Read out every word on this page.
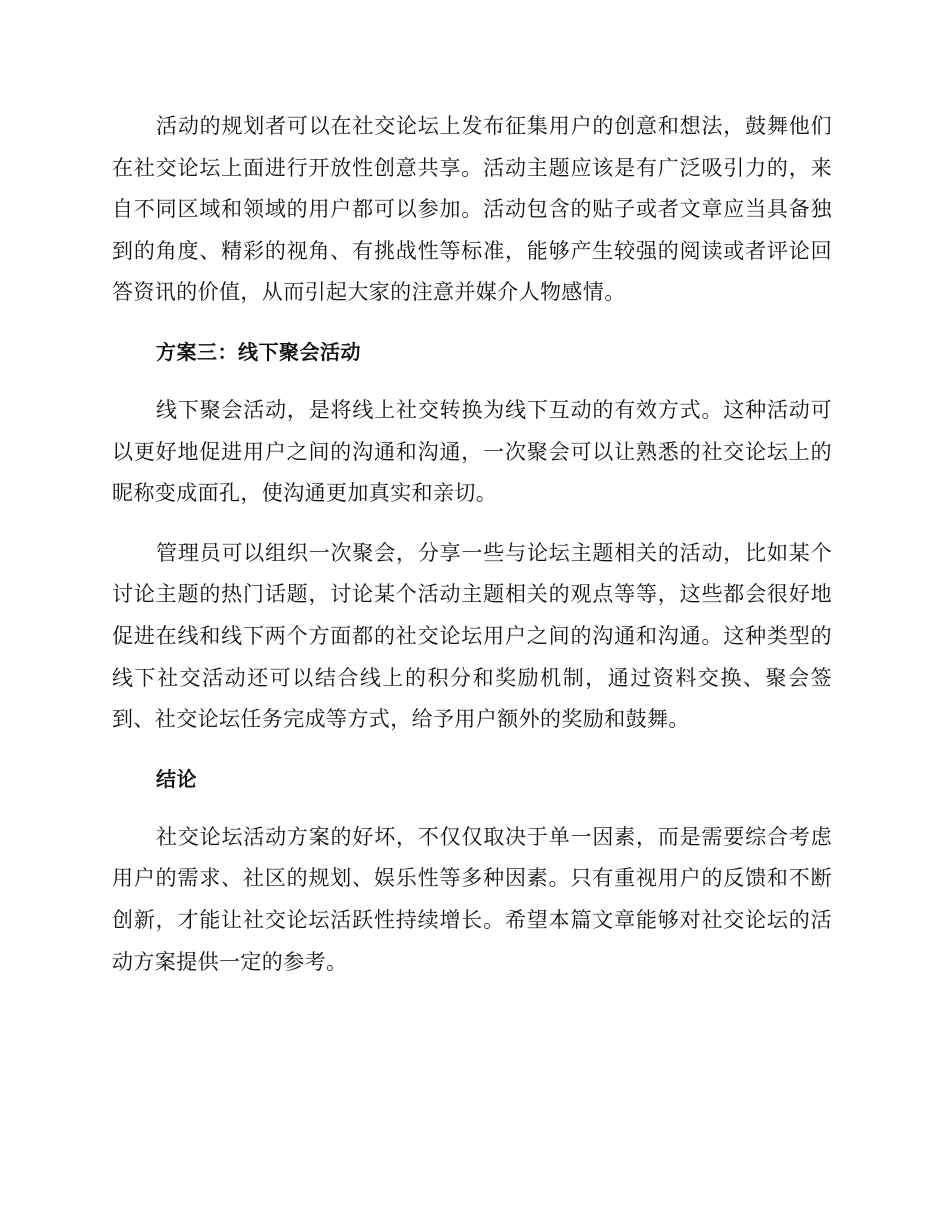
活动的规划者可以在社交论坛上发布征集用户的创意和想法，鼓舞他们在社交论坛上面进行开放性创意共享。活动主题应该是有广泛吸引力的，来自不同区域和领域的用户都可以参加。活动包含的贴子或者文章应当具备独到的角度、精彩的视角、有挑战性等标准，能够产生较强的阅读或者评论回答资讯的价值，从而引起大家的注意并媒介人物感情。

方案三：线下聚会活动

线下聚会活动，是将线上社交转换为线下互动的有效方式。这种活动可以更好地促进用户之间的沟通和沟通，一次聚会可以让熟悉的社交论坛上的昵称变成面孔，使沟通更加真实和亲切。

管理员可以组织一次聚会，分享一些与论坛主题相关的活动，比如某个讨论主题的热门话题，讨论某个活动主题相关的观点等等，这些都会很好地促进在线和线下两个方面都的社交论坛用户之间的沟通和沟通。这种类型的线下社交活动还可以结合线上的积分和奖励机制，通过资料交换、聚会签到、社交论坛任务完成等方式，给予用户额外的奖励和鼓舞。

结论

社交论坛活动方案的好坏，不仅仅取决于单一因素，而是需要综合考虑用户的需求、社区的规划、娱乐性等多种因素。只有重视用户的反馈和不断创新，才能让社交论坛活跃性持续增长。希望本篇文章能够对社交论坛的活动方案提供一定的参考。
